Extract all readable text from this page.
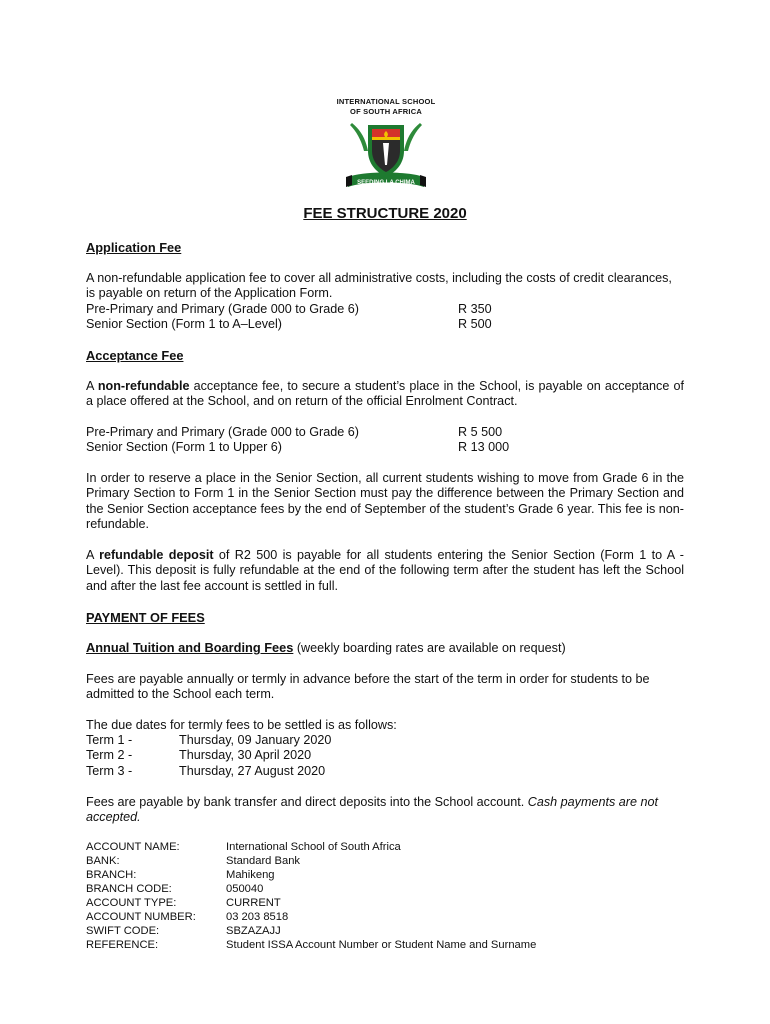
INTERNATIONAL SCHOOL
OF SOUTH AFRICA
SEEDING LA CHIMA
FEE STRUCTURE 2020
Application Fee
A non-refundable application fee to cover all administrative costs, including the costs of credit clearances, is payable on return of the Application Form.
Pre-Primary and Primary (Grade 000 to Grade 6)	R 350
Senior Section (Form 1 to A–Level)	R 500
Acceptance Fee
A non-refundable acceptance fee, to secure a student’s place in the School, is payable on acceptance of a place offered at the School, and on return of the official Enrolment Contract.
Pre-Primary and Primary (Grade 000 to Grade 6)	R 5 500
Senior Section (Form 1 to Upper 6)	R 13 000
In order to reserve a place in the Senior Section, all current students wishing to move from Grade 6 in the Primary Section to Form 1 in the Senior Section must pay the difference between the Primary Section and the Senior Section acceptance fees by the end of September of the student’s Grade 6 year. This fee is non-refundable.
A refundable deposit of R2 500 is payable for all students entering the Senior Section (Form 1 to A - Level). This deposit is fully refundable at the end of the following term after the student has left the School and after the last fee account is settled in full.
PAYMENT OF FEES
Annual Tuition and Boarding Fees (weekly boarding rates are available on request)
Fees are payable annually or termly in advance before the start of the term in order for students to be admitted to the School each term.
The due dates for termly fees to be settled is as follows:
Term 1 -	Thursday, 09 January 2020
Term 2 -	Thursday, 30 April 2020
Term 3 -	Thursday, 27 August 2020
Fees are payable by bank transfer and direct deposits into the School account. Cash payments are not accepted.
ACCOUNT NAME:	International School of South Africa
BANK:	Standard Bank
BRANCH:	Mahikeng
BRANCH CODE:	050040
ACCOUNT TYPE:	CURRENT
ACCOUNT NUMBER:	03 203 8518
SWIFT CODE:	SBZAZAJJ
REFERENCE:	Student ISSA Account Number or Student Name and Surname
